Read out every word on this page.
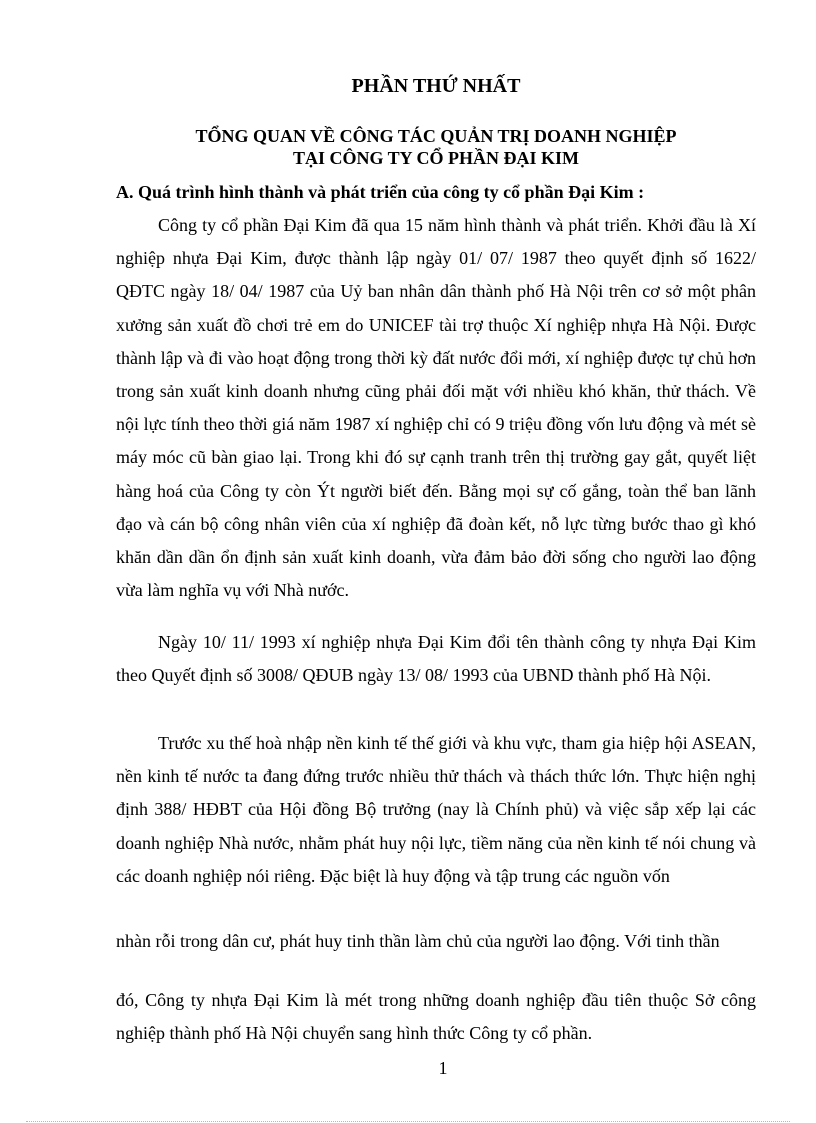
PHẦN THỨ NHẤT
TỔNG QUAN VỀ CÔNG TÁC QUẢN TRỊ DOANH NGHIỆP
TẠI CÔNG TY CỔ PHẦN ĐẠI KIM
A. Quá trình hình thành và phát triển của công ty cổ phần Đại Kim :

Công ty cổ phần Đại Kim đã qua 15 năm hình thành và phát triển. Khởi đầu là Xí nghiệp nhựa Đại Kim, được thành lập ngày 01/ 07/ 1987 theo quyết định số 1622/ QĐTC ngày 18/ 04/ 1987 của Uỷ ban nhân dân thành phố Hà Nội trên cơ sở một phân xưởng sản xuất đồ chơi trẻ em do UNICEF tài trợ thuộc Xí nghiệp nhựa Hà Nội. Được thành lập và đi vào hoạt động trong thời kỳ đất nước đổi mới, xí nghiệp được tự chủ hơn trong sản xuất kinh doanh nhưng cũng phải đối mặt với nhiều khó khăn, thử thách. Về nội lực tính theo thời giá năm 1987 xí nghiệp chỉ có 9 triệu đồng vốn lưu động và mét sè máy móc cũ bàn giao lại. Trong khi đó sự cạnh tranh trên thị trường gay gắt, quyết liệt hàng hoá của Công ty còn Ýt người biết đến. Bằng mọi sự cố gắng, toàn thể ban lãnh đạo và cán bộ công nhân viên của xí nghiệp đã đoàn kết, nỗ lực từng bước thao gì khó khăn dần dần ổn định sản xuất kinh doanh, vừa đảm bảo đời sống cho người lao động vừa làm nghĩa vụ với Nhà nước.

Ngày 10/ 11/ 1993 xí nghiệp nhựa Đại Kim đổi tên thành công ty nhựa Đại Kim theo Quyết định số 3008/ QĐUB ngày 13/ 08/ 1993 của UBND thành phố Hà Nội.

Trước xu thế hoà nhập nền kinh tế thế giới và khu vực, tham gia hiệp hội ASEAN, nền kinh tế nước ta đang đứng trước nhiều thử thách và thách thức lớn. Thực hiện nghị định 388/ HĐBT của Hội đồng Bộ trưởng (nay là Chính phủ) và việc sắp xếp lại các doanh nghiệp Nhà nước, nhằm phát huy nội lực, tiềm năng của nền kinh tế nói chung và các doanh nghiệp nói riêng. Đặc biệt là huy động và tập trung các nguồn vốn

nhàn rỗi trong dân cư, phát huy tinh thần làm chủ của người lao động. Với tinh thần

đó, Công ty nhựa Đại Kim là mét trong những doanh nghiệp đầu tiên thuộc Sở công nghiệp thành phố Hà Nội chuyển sang hình thức Công ty cổ phần.

1
